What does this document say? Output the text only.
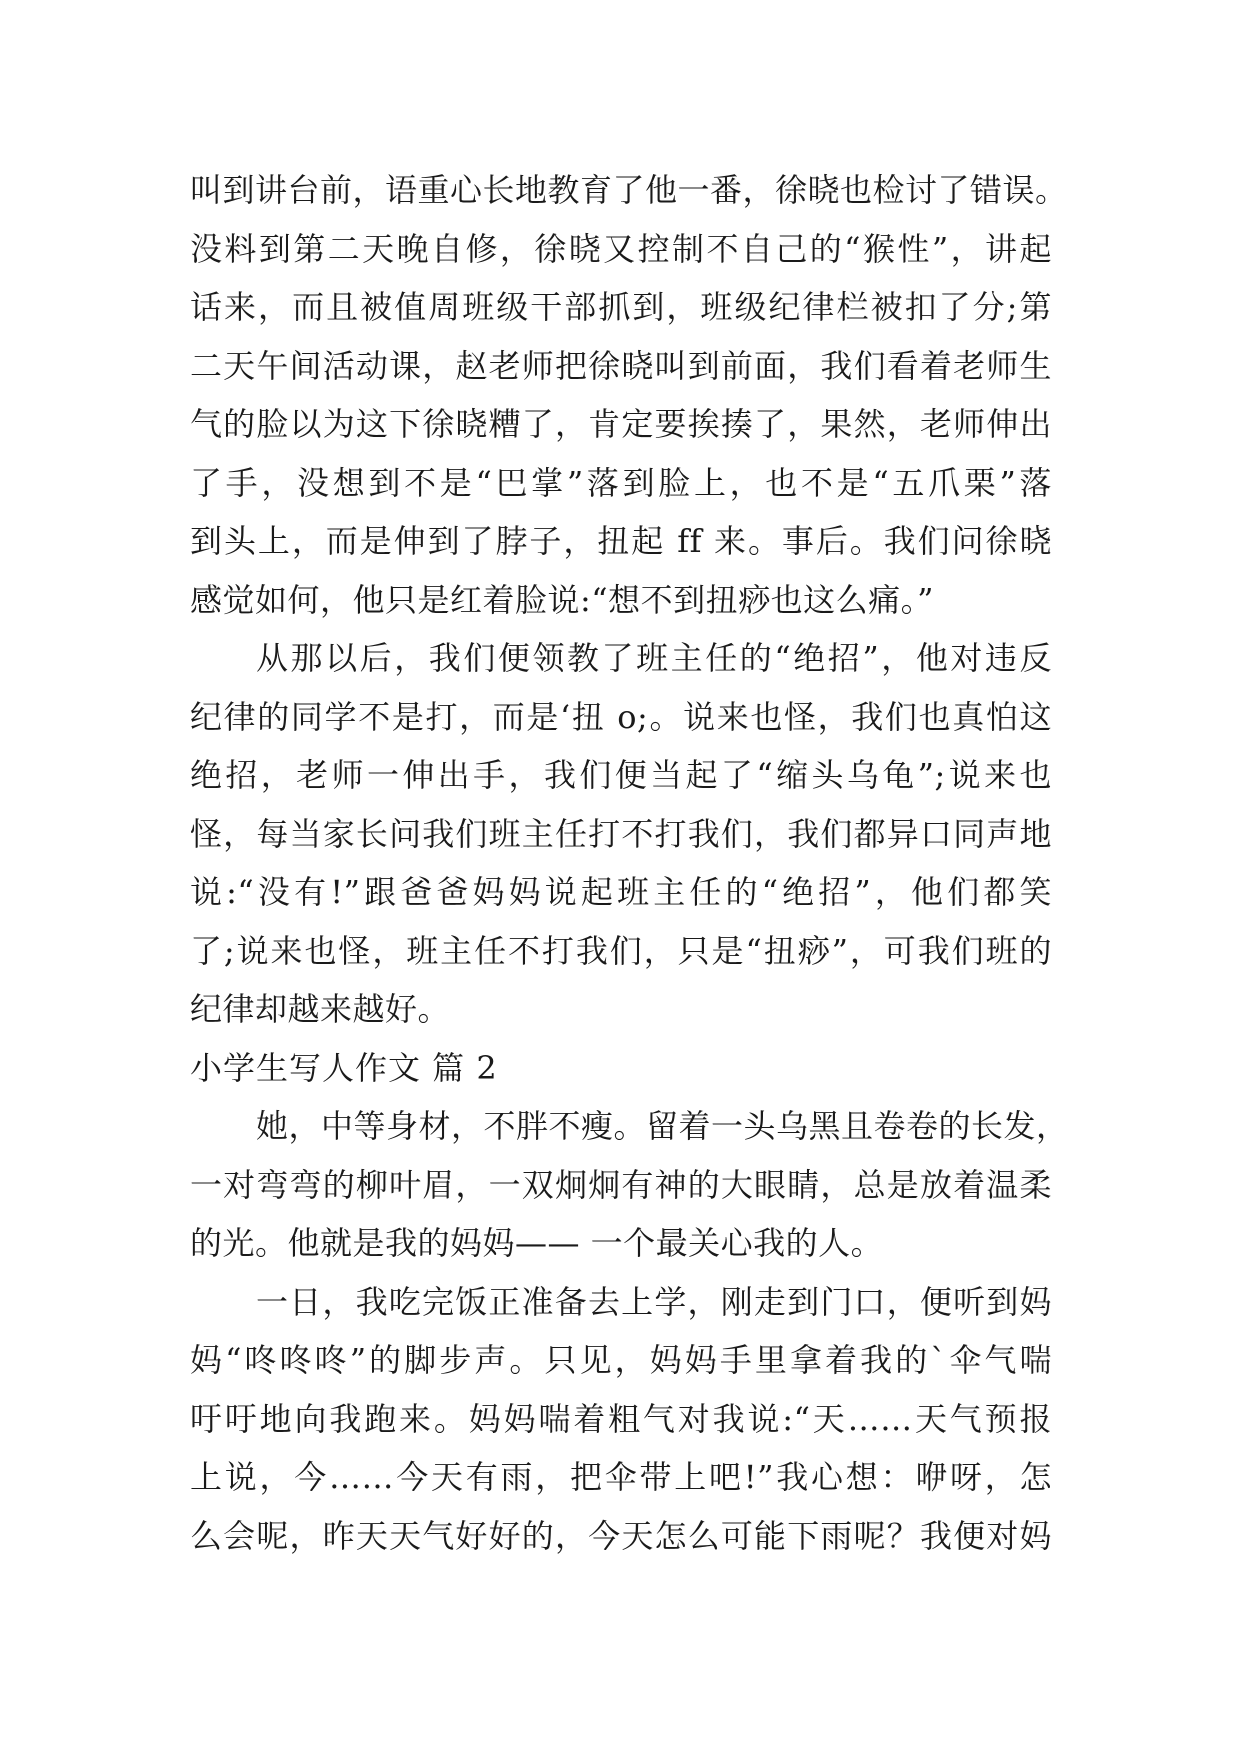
叫到讲台前，语重心长地教育了他一番，徐晓也检讨了错误。
没料到第二天晚自修，徐晓又控制不自己的“猴性”，讲起
话来，而且被值周班级干部抓到，班级纪律栏被扣了分;第
二天午间活动课，赵老师把徐晓叫到前面，我们看着老师生
气的脸以为这下徐晓糟了，肯定要挨揍了，果然，老师伸出
了手，没想到不是“巴掌”落到脸上，也不是“五爪栗”落
到头上，而是伸到了脖子，扭起 ff 来。事后。我们问徐晓
感觉如何，他只是红着脸说:“想不到扭痧也这么痛。”
从那以后，我们便领教了班主任的“绝招”，他对违反
纪律的同学不是打，而是‘扭 o;。说来也怪，我们也真怕这
绝招，老师一伸出手，我们便当起了“缩头乌龟”;说来也
怪，每当家长问我们班主任打不打我们，我们都异口同声地
说:“没有!”跟爸爸妈妈说起班主任的“绝招”，他们都笑
了;说来也怪，班主任不打我们，只是“扭痧”，可我们班的
纪律却越来越好。
小学生写人作文 篇 2
她，中等身材，不胖不瘦。留着一头乌黑且卷卷的长发，
一对弯弯的柳叶眉，一双炯炯有神的大眼睛，总是放着温柔
的光。他就是我的妈妈—— 一个最关心我的人。
一日，我吃完饭正准备去上学，刚走到门口，便听到妈
妈“咚咚咚”的脚步声。只见，妈妈手里拿着我的`伞气喘
吁吁地向我跑来。妈妈喘着粗气对我说:“天……天气预报
上说，今……今天有雨，把伞带上吧!”我心想：咿呀，怎
么会呢，昨天天气好好的，今天怎么可能下雨呢？我便对妈
